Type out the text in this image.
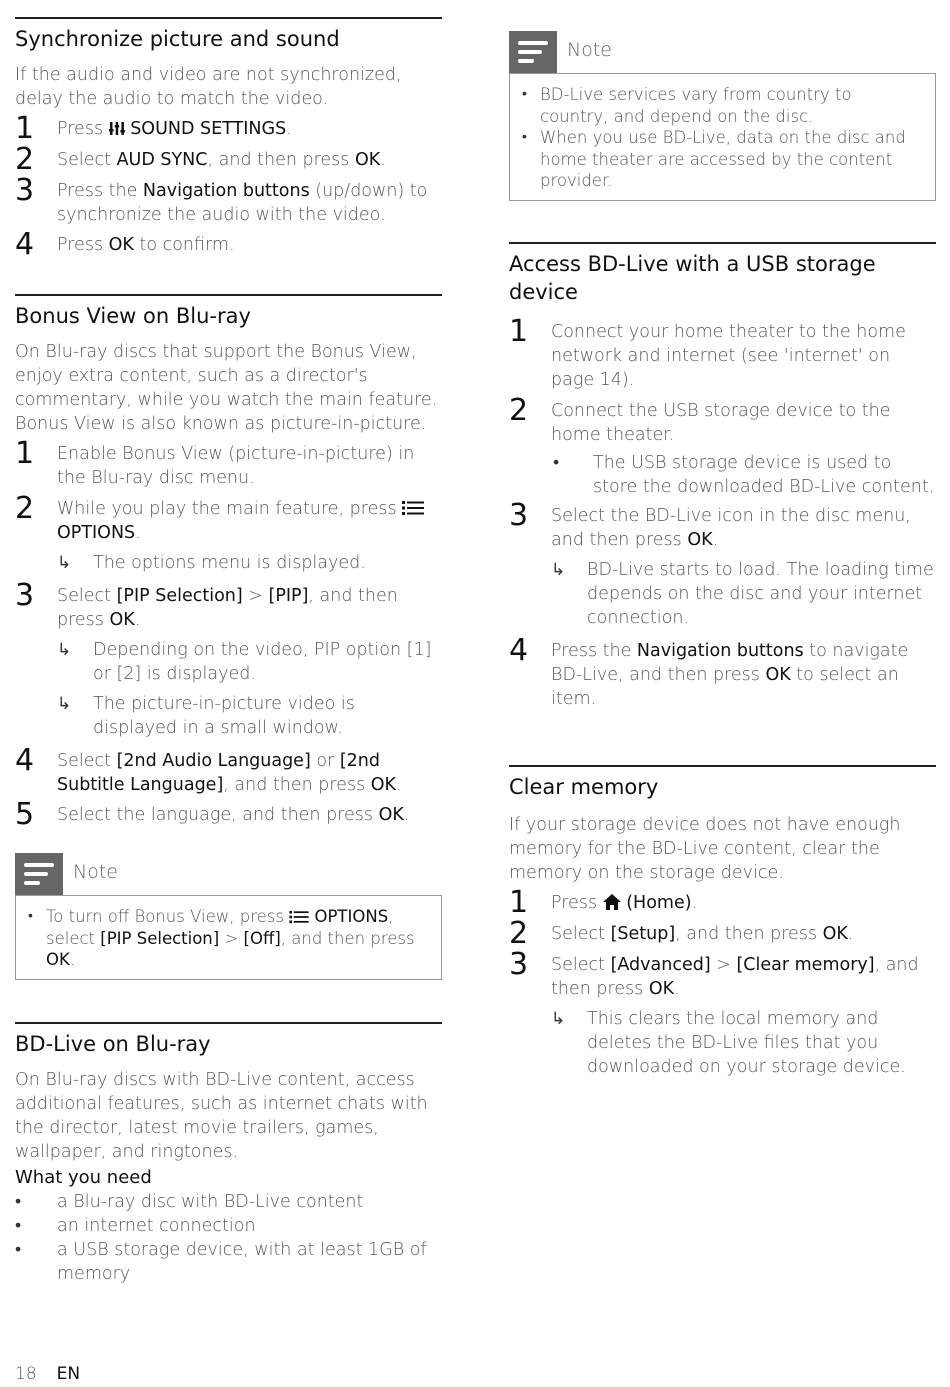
Synchronize picture and sound

If the audio and video are not synchronized, delay the audio to match the video.

1 Press  SOUND SETTINGS.
2 Select AUD SYNC, and then press OK.
3 Press the Navigation buttons (up/down) to synchronize the audio with the video.
4 Press OK to confirm.
Bonus View on Blu-ray

On Blu-ray discs that support the Bonus View, enjoy extra content, such as a director's commentary, while you watch the main feature. Bonus View is also known as picture-in-picture.

1 Enable Bonus View (picture-in-picture) in the Blu-ray disc menu.
2 While you play the main feature, press
OPTIONS.
↳ The options menu is displayed.
3 Select [PIP Selection] > [PIP], and then press OK.
↳ Depending on the video, PIP option [1] or [2] is displayed.
↳ The picture-in-picture video is displayed in a small window.
4 Select [2nd Audio Language] or [2nd Subtitle Language], and then press OK.
5 Select the language, and then press OK.
Note
• To turn off Bonus View, press  OPTIONS, select [PIP Selection] > [Off], and then press OK.
BD-Live on Blu-ray

On Blu-ray discs with BD-Live content, access additional features, such as internet chats with the director, latest movie trailers, games, wallpaper, and ringtones.

What you need
• a Blu-ray disc with BD-Live content
• an internet connection
• a USB storage device, with at least 1GB of memory
Note
• BD-Live services vary from country to country, and depend on the disc.
• When you use BD-Live, data on the disc and home theater are accessed by the content provider.
Access BD-Live with a USB storage device
1 Connect your home theater to the home network and internet (see 'internet' on page 14).
2 Connect the USB storage device to the home theater.
• The USB storage device is used to store the downloaded BD-Live content.
3 Select the BD-Live icon in the disc menu, and then press OK.
↳ BD-Live starts to load. The loading time depends on the disc and your internet connection.
4 Press the Navigation buttons to navigate BD-Live, and then press OK to select an item.
Clear memory

If your storage device does not have enough memory for the BD-Live content, clear the memory on the storage device.

1 Press  (Home).
2 Select [Setup], and then press OK.
3 Select [Advanced] > [Clear memory], and then press OK.
↳ This clears the local memory and deletes the BD-Live files that you downloaded on your storage device.
18 EN
